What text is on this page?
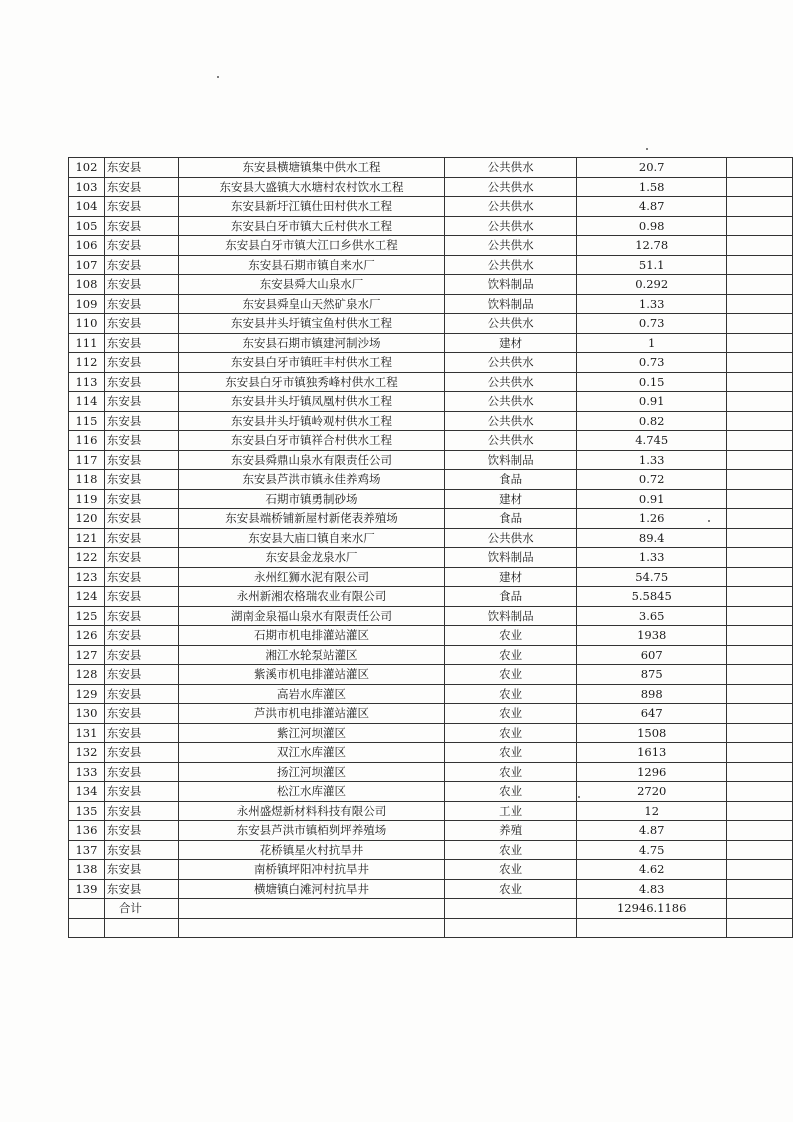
102	东安县	东安县横塘镇集中供水工程	公共供水	20.7	
103	东安县	东安县大盛镇大水塘村农村饮水工程	公共供水	1.58	
104	东安县	东安县新圩江镇仕田村供水工程	公共供水	4.87	
105	东安县	东安县白牙市镇大丘村供水工程	公共供水	0.98	
106	东安县	东安县白牙市镇大江口乡供水工程	公共供水	12.78	
107	东安县	东安县石期市镇自来水厂	公共供水	51.1	
108	东安县	东安县舜大山泉水厂	饮料制品	0.292	
109	东安县	东安县舜皇山天然矿泉水厂	饮料制品	1.33	
110	东安县	东安县井头圩镇宝鱼村供水工程	公共供水	0.73	
111	东安县	东安县石期市镇建河制沙场	建材	1	
112	东安县	东安县白牙市镇旺丰村供水工程	公共供水	0.73	
113	东安县	东安县白牙市镇独秀峰村供水工程	公共供水	0.15	
114	东安县	东安县井头圩镇凤凰村供水工程	公共供水	0.91	
115	东安县	东安县井头圩镇岭观村供水工程	公共供水	0.82	
116	东安县	东安县白牙市镇祥合村供水工程	公共供水	4.745	
117	东安县	东安县舜鼎山泉水有限责任公司	饮料制品	1.33	
118	东安县	东安县芦洪市镇永佳养鸡场	食品	0.72	
119	东安县	石期市镇勇制砂场	建材	0.91	
120	东安县	东安县端桥铺新屋村新佬表养殖场	食品	1.26	
121	东安县	东安县大庙口镇自来水厂	公共供水	89.4	
122	东安县	东安县金龙泉水厂	饮料制品	1.33	
123	东安县	永州红狮水泥有限公司	建材	54.75	
124	东安县	永州新湘农格瑞农业有限公司	食品	5.5845	
125	东安县	湖南金泉福山泉水有限责任公司	饮料制品	3.65	
126	东安县	石期市机电排灌站灌区	农业	1938	
127	东安县	湘江水轮泵站灌区	农业	607	
128	东安县	紫溪市机电排灌站灌区	农业	875	
129	东安县	高岩水库灌区	农业	898	
130	东安县	芦洪市机电排灌站灌区	农业	647	
131	东安县	紫江河坝灌区	农业	1508	
132	东安县	双江水库灌区	农业	1613	
133	东安县	扬江河坝灌区	农业	1296	
134	东安县	松江水库灌区	农业	2720	
135	东安县	永州盛煜新材料科技有限公司	工业	12	
136	东安县	东安县芦洪市镇栢刿坪养殖场	养殖	4.87	
137	东安县	花桥镇星火村抗旱井	农业	4.75	
138	东安县	南桥镇坪阳冲村抗旱井	农业	4.62	
139	东安县	横塘镇白滩河村抗旱井	农业	4.83	
	合计			12946.1186	
